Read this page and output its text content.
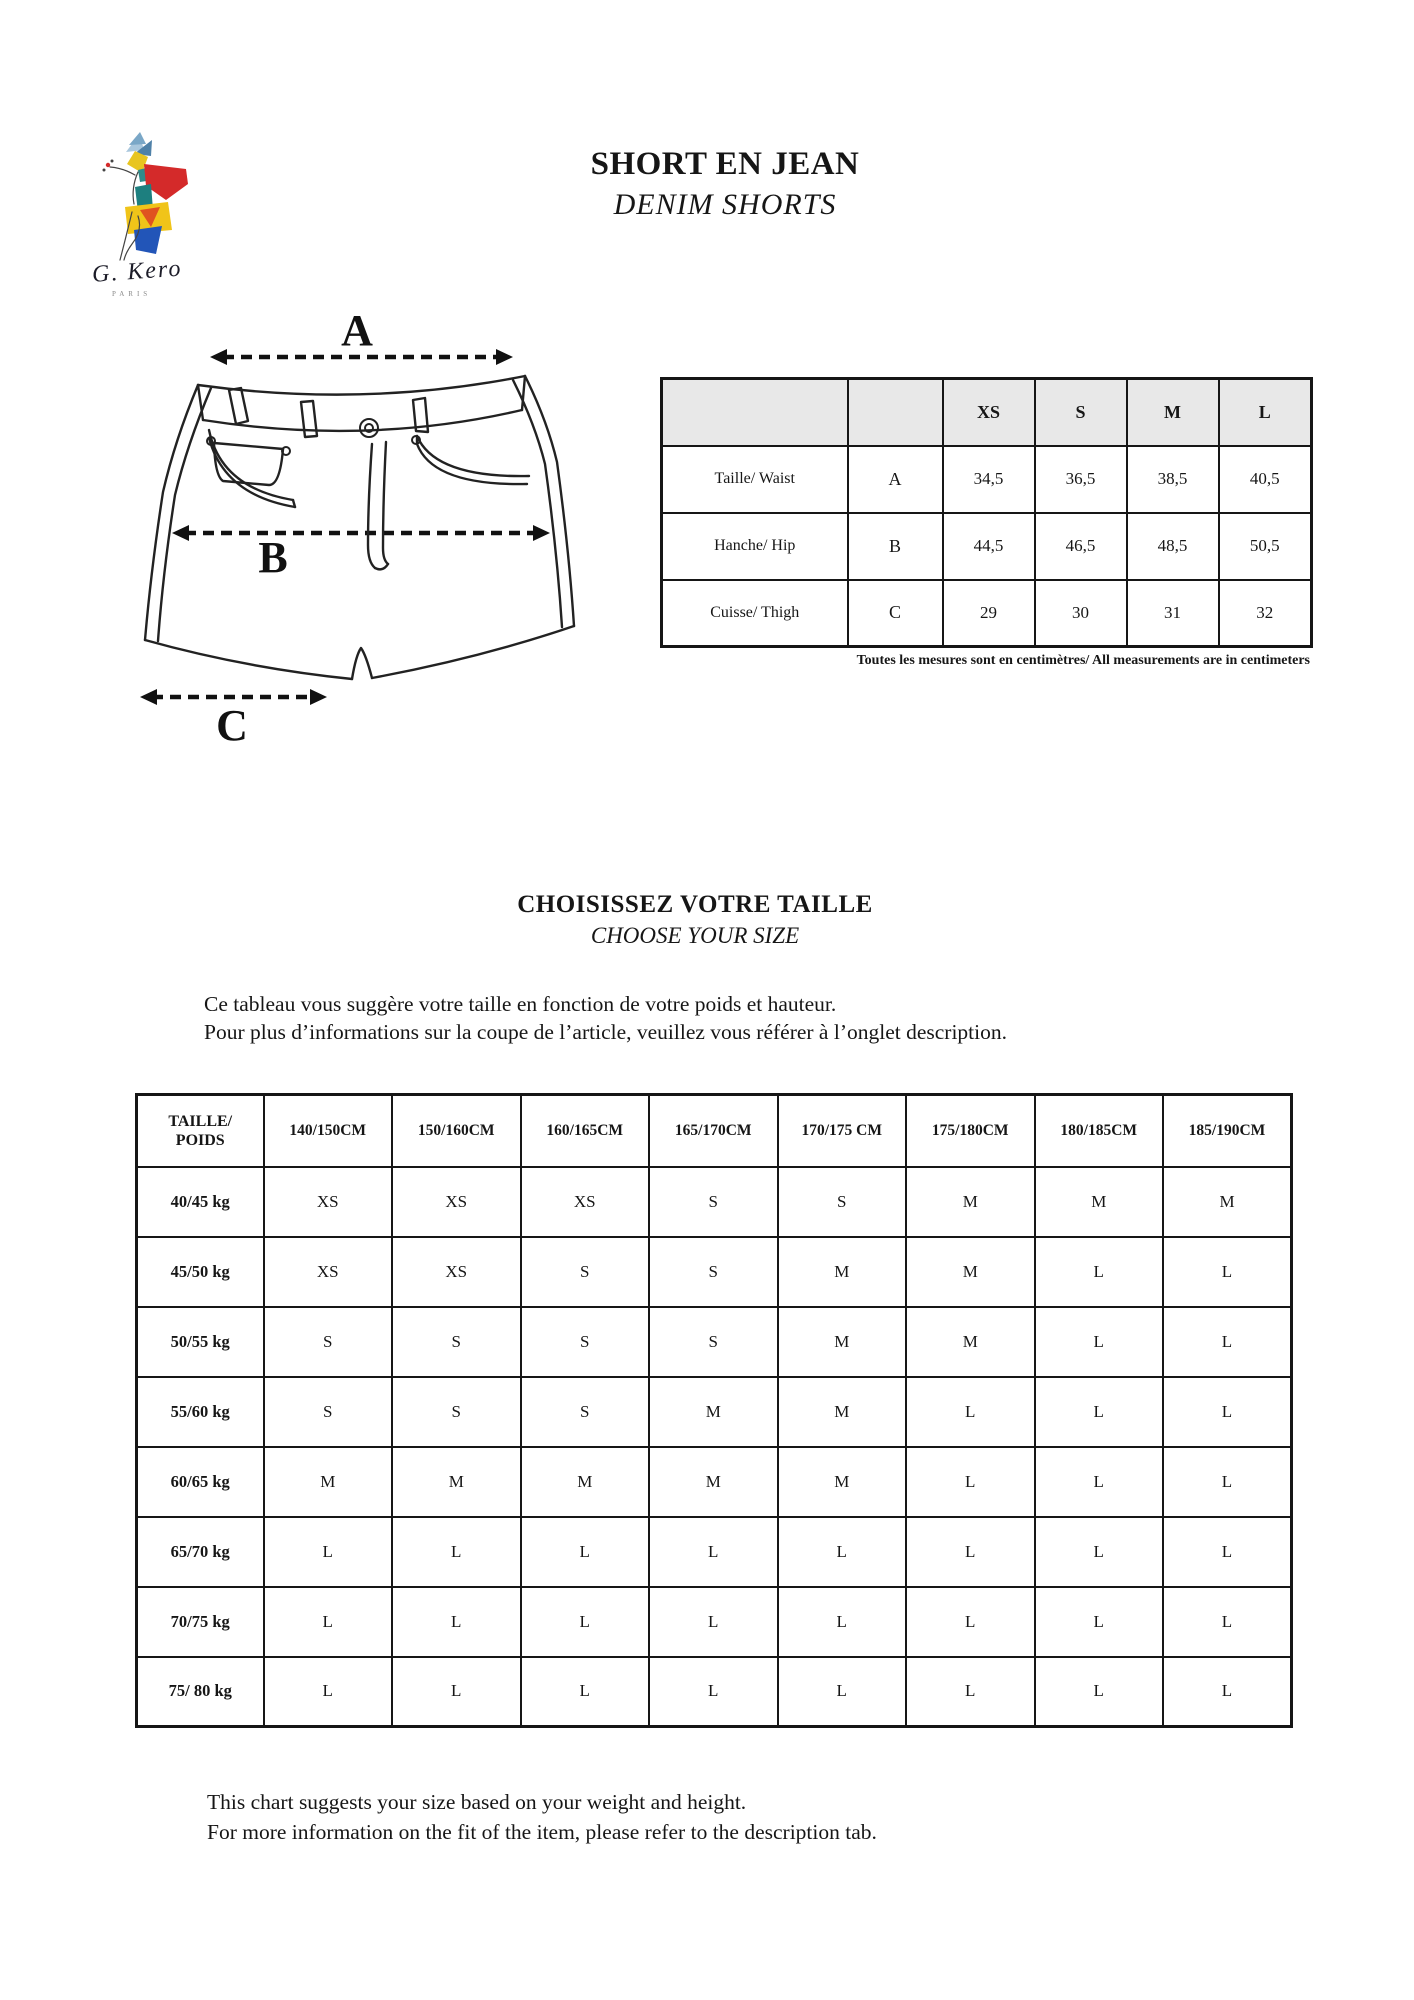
G. Kero
PARIS
SHORT EN JEAN
DENIM SHORTS
A
B
C
		XS	S	M	L
Taille/ Waist	A	34,5	36,5	38,5	40,5
Hanche/ Hip	B	44,5	46,5	48,5	50,5
Cuisse/ Thigh	C	29	30	31	32
Toutes les mesures sont en centimètres/ All measurements are in centimeters
CHOISISSEZ VOTRE TAILLE
CHOOSE YOUR SIZE
Ce tableau vous suggère votre taille en fonction de votre poids et hauteur.
Pour plus d’informations sur la coupe de l’article, veuillez vous référer à l’onglet description.
TAILLE/
POIDS	140/150CM	150/160CM	160/165CM	165/170CM	170/175 CM	175/180CM	180/185CM	185/190CM
40/45 kg	XS	XS	XS	S	S	M	M	M
45/50 kg	XS	XS	S	S	M	M	L	L
50/55 kg	S	S	S	S	M	M	L	L
55/60 kg	S	S	S	M	M	L	L	L
60/65 kg	M	M	M	M	M	L	L	L
65/70 kg	L	L	L	L	L	L	L	L
70/75 kg	L	L	L	L	L	L	L	L
75/ 80 kg	L	L	L	L	L	L	L	L
This chart suggests your size based on your weight and height.
For more information on the fit of the item, please refer to the description tab.
